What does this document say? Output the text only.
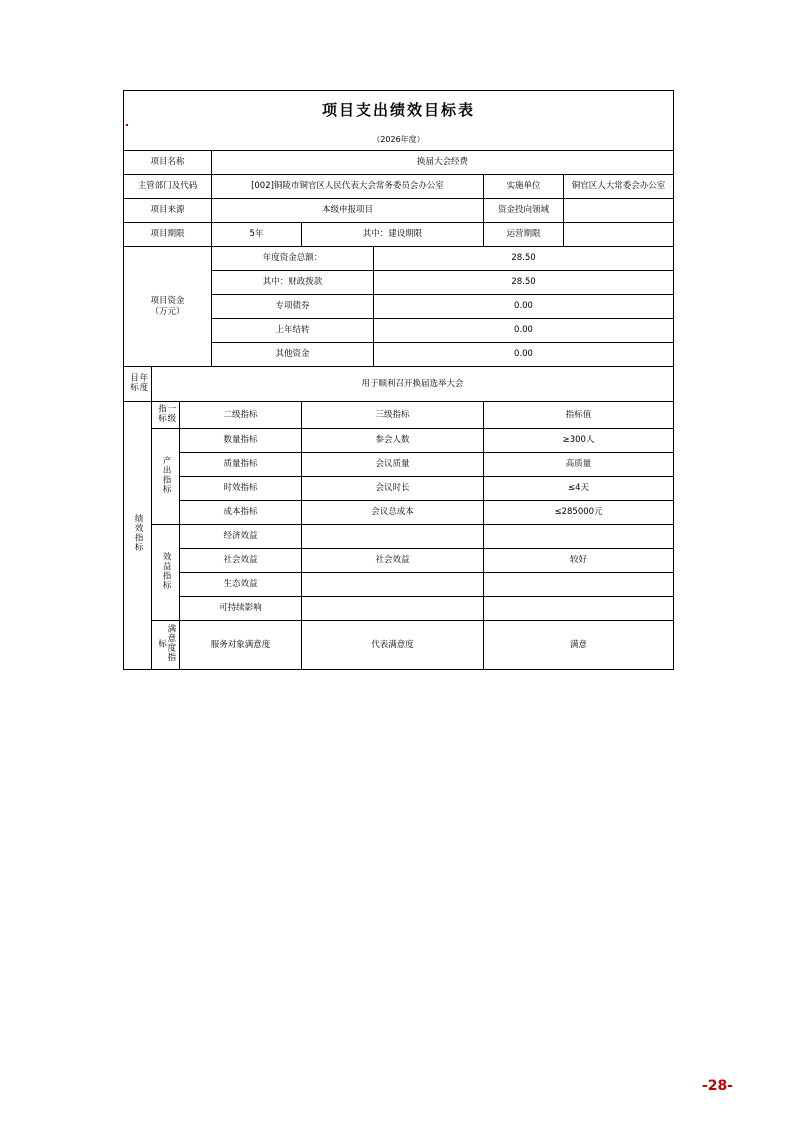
项目支出绩效目标表							
（2026年度）							
项目名称			换届大会经费				
主管部门及代码			[002]铜陵市铜官区人民代表大会常务委员会办公室			实施单位	铜官区人大常委会办公室
项目来源			本级申报项目			资金投向领域	
项目期限			5年	其中：建设期限		运营期限	

项目资金
（万元）			年度资金总额：		28.50		
			其中：财政拨款		28.50		
			专项债券		0.00		
			上年结转		0.00		
			其他资金		0.00		
年度目标	用于顺利召开换届选举大会						
绩效指标	一级指标	二级指标		三级指标		指标值	
	产出指标	数量指标		参会人数		≥300人	
		质量指标		会议质量		高质量	
		时效指标		会议时长		≤4天	
		成本指标		会议总成本		≤285000元	
	效益指标	经济效益					
		社会效益		社会效益		较好	
		生态效益					
		可持续影响					
	满意度指标	服务对象满意度		代表满意度		满意	
-28-
